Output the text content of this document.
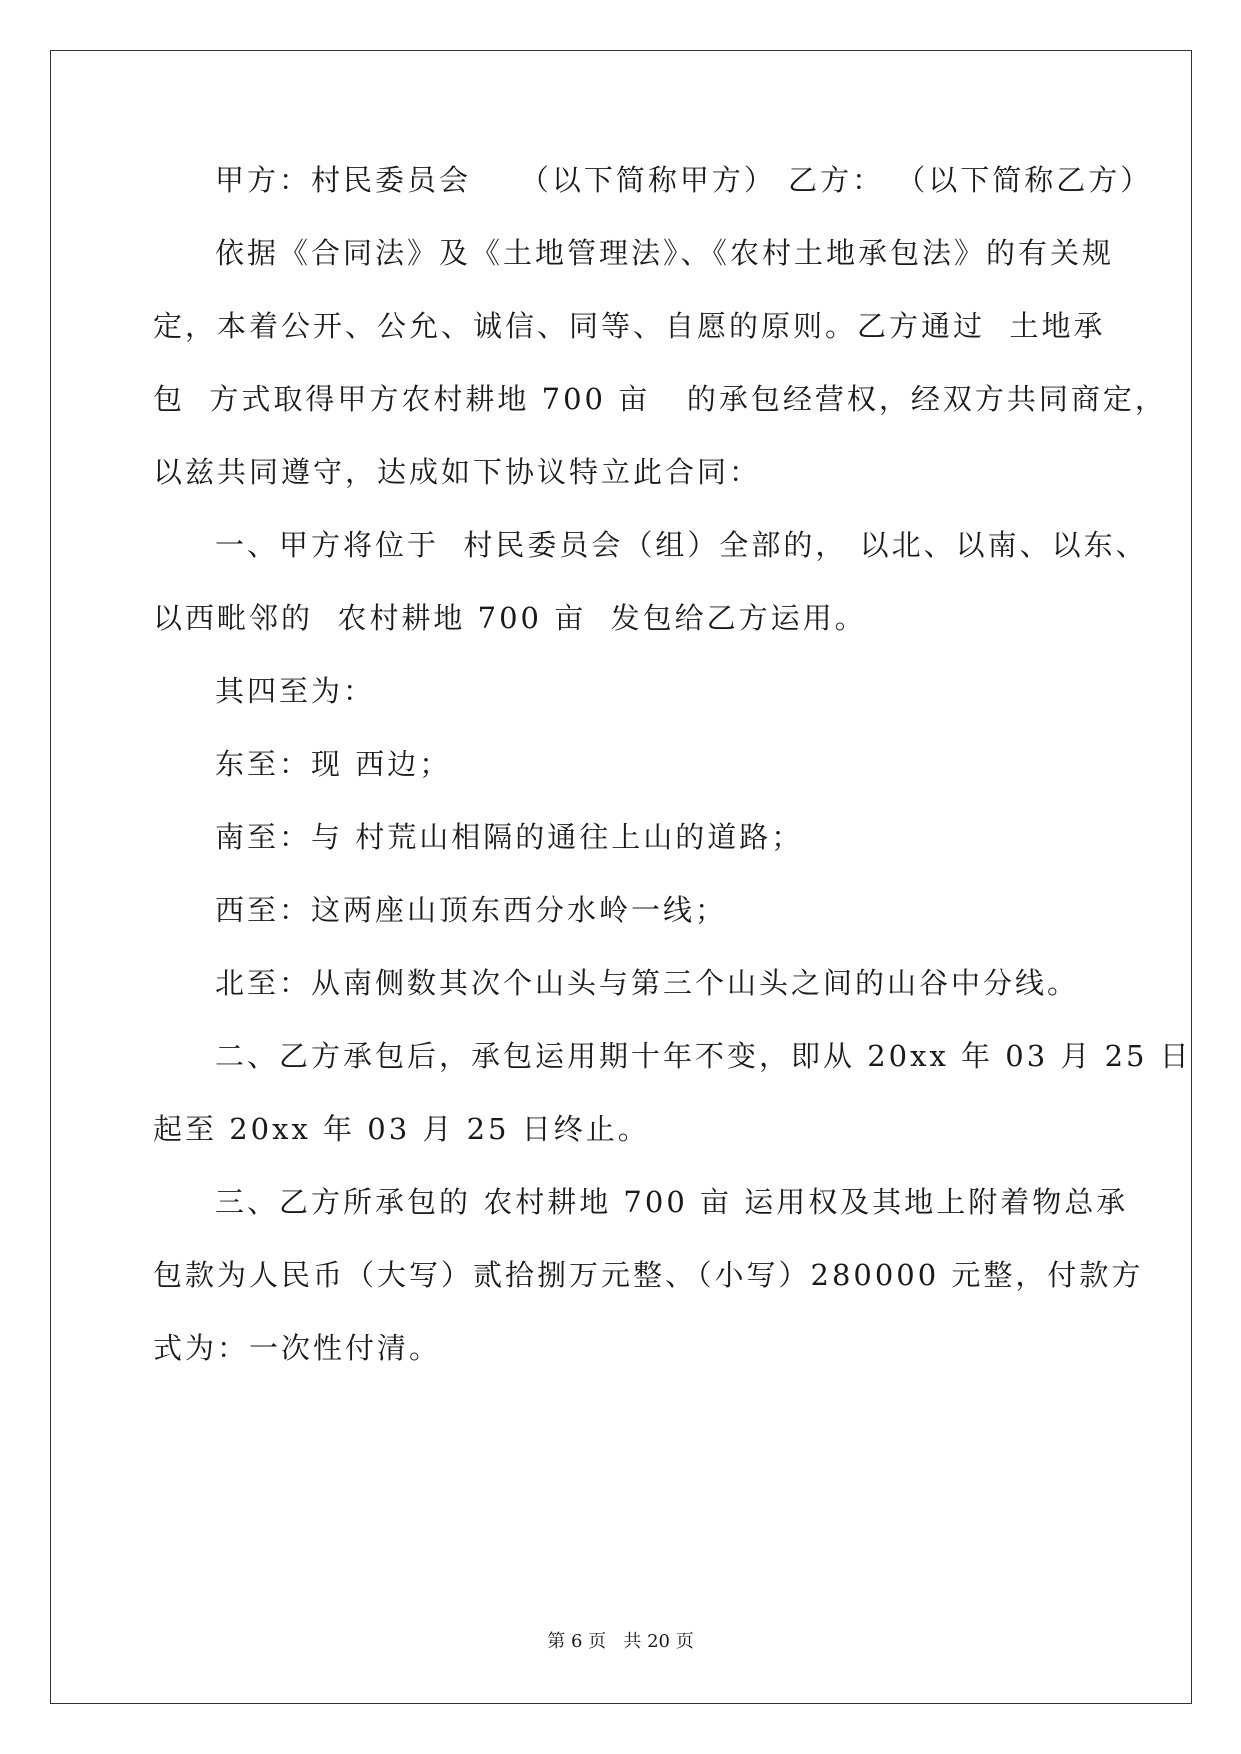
甲方：村民委员会    （以下简称甲方） 乙方： （以下简称乙方）
依据《合同法》及《土地管理法》、《农村土地承包法》的有关规
定，本着公开、公允、诚信、同等、自愿的原则。乙方通过  土地承
包  方式取得甲方农村耕地 700 亩   的承包经营权，经双方共同商定，
以兹共同遵守，达成如下协议特立此合同：
一、甲方将位于  村民委员会（组）全部的， 以北、以南、以东、
以西毗邻的  农村耕地 700 亩  发包给乙方运用。
其四至为：
东至：现 西边；
南至：与 村荒山相隔的通往上山的道路；
西至：这两座山顶东西分水岭一线；
北至：从南侧数其次个山头与第三个山头之间的山谷中分线。
二、乙方承包后，承包运用期十年不变，即从 20xx 年 03 月 25 日
起至 20xx 年 03 月 25 日终止。
三、乙方所承包的 农村耕地 700 亩 运用权及其地上附着物总承
包款为人民币（大写）贰拾捌万元整、（小写）280000 元整，付款方
式为：一次性付清。
第 6 页   共 20 页
